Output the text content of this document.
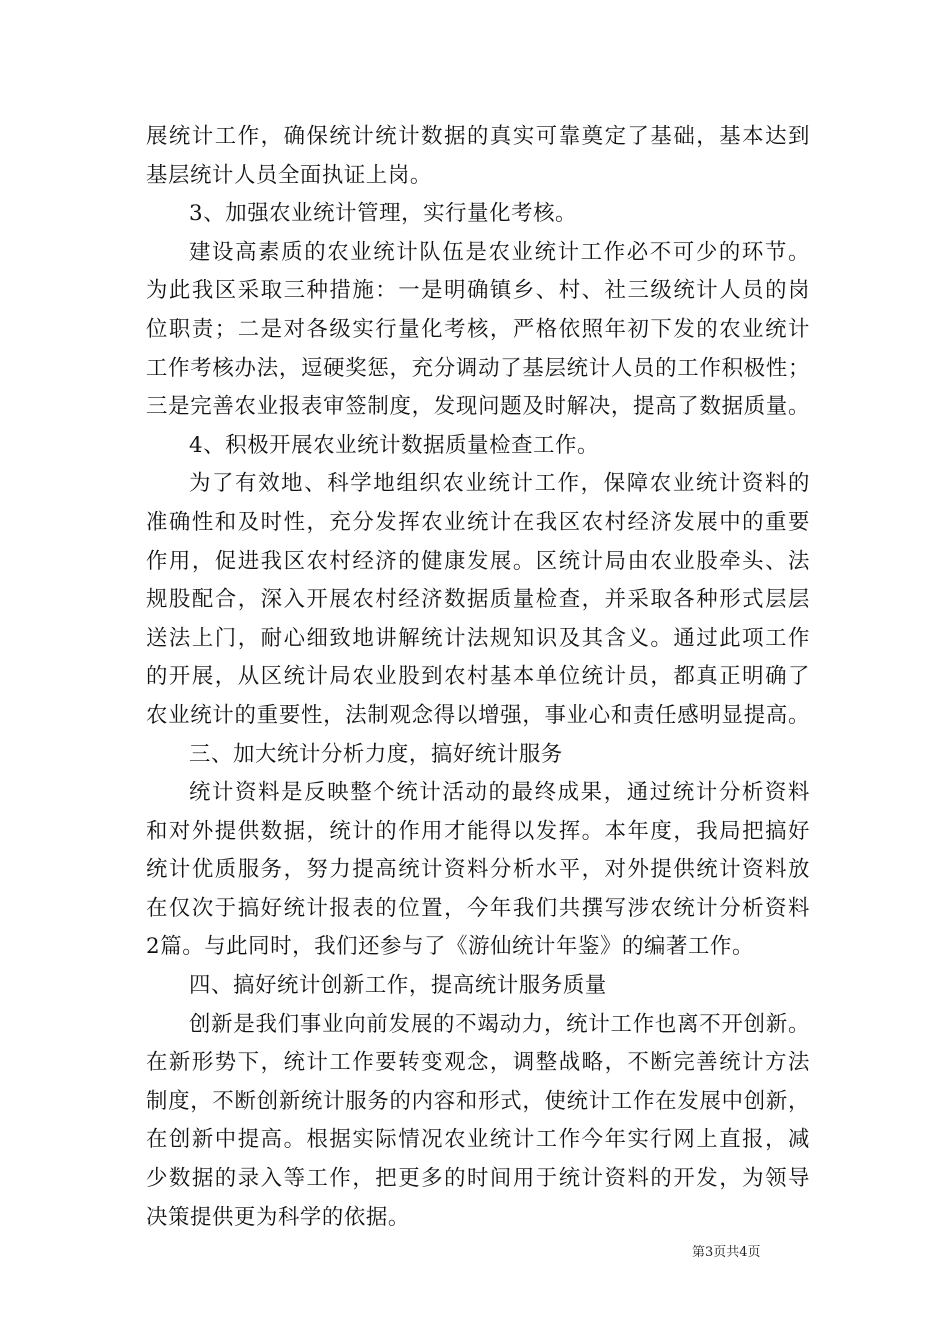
展统计工作，确保统计统计数据的真实可靠奠定了基础，基本达到
基层统计人员全面执证上岗。
3、加强农业统计管理，实行量化考核。
建设高素质的农业统计队伍是农业统计工作必不可少的环节。
为此我区采取三种措施：一是明确镇乡、村、社三级统计人员的岗
位职责；二是对各级实行量化考核，严格依照年初下发的农业统计
工作考核办法，逗硬奖惩，充分调动了基层统计人员的工作积极性；
三是完善农业报表审签制度，发现问题及时解决，提高了数据质量。
4、积极开展农业统计数据质量检查工作。
为了有效地、科学地组织农业统计工作，保障农业统计资料的
准确性和及时性，充分发挥农业统计在我区农村经济发展中的重要
作用，促进我区农村经济的健康发展。区统计局由农业股牵头、法
规股配合，深入开展农村经济数据质量检查，并采取各种形式层层
送法上门，耐心细致地讲解统计法规知识及其含义。通过此项工作
的开展，从区统计局农业股到农村基本单位统计员，都真正明确了
农业统计的重要性，法制观念得以增强，事业心和责任感明显提高。
三、加大统计分析力度，搞好统计服务
统计资料是反映整个统计活动的最终成果，通过统计分析资料
和对外提供数据，统计的作用才能得以发挥。本年度，我局把搞好
统计优质服务，努力提高统计资料分析水平，对外提供统计资料放
在仅次于搞好统计报表的位置，今年我们共撰写涉农统计分析资料
2篇。与此同时，我们还参与了《游仙统计年鉴》的编著工作。
四、搞好统计创新工作，提高统计服务质量
创新是我们事业向前发展的不竭动力，统计工作也离不开创新。
在新形势下，统计工作要转变观念，调整战略，不断完善统计方法
制度，不断创新统计服务的内容和形式，使统计工作在发展中创新，
在创新中提高。根据实际情况农业统计工作今年实行网上直报，减
少数据的录入等工作，把更多的时间用于统计资料的开发，为领导
决策提供更为科学的依据。
第3页共4页
